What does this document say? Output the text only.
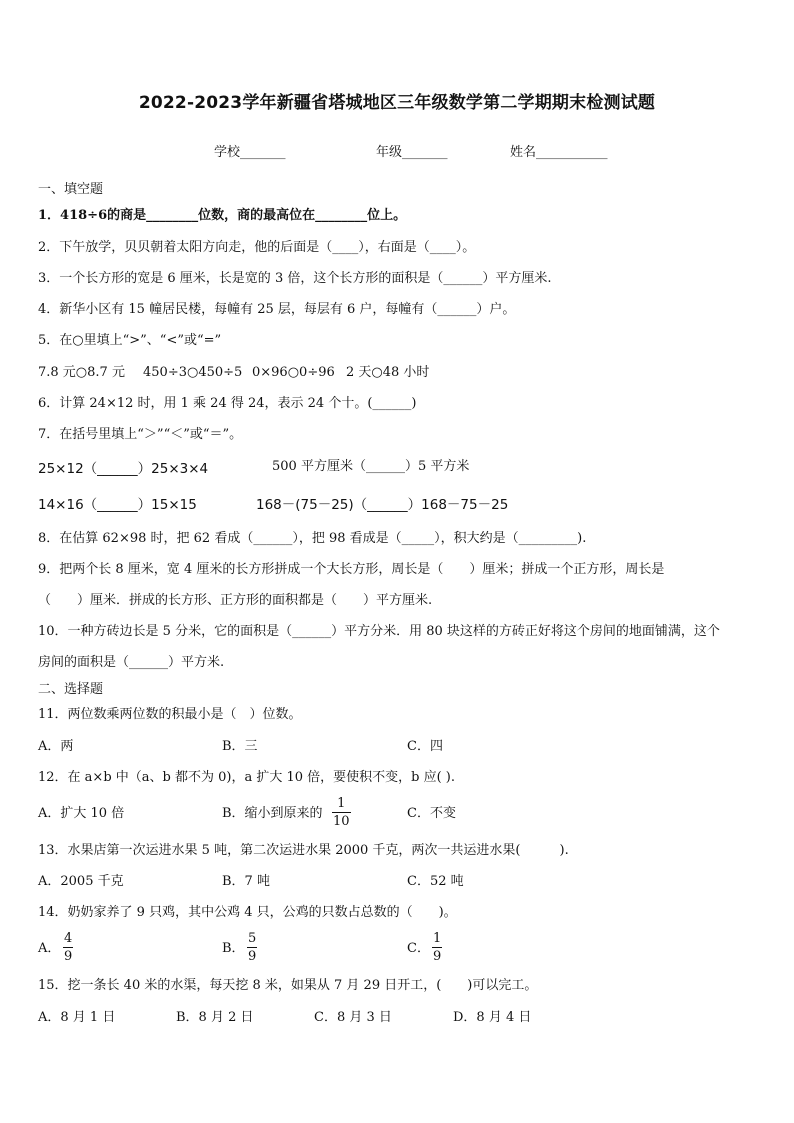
2022-2023学年新疆省塔城地区三年级数学第二学期期末检测试题
学校_______	年级_______	姓名___________
一、填空题
1．418÷6的商是________位数，商的最高位在________位上。
2．下午放学，贝贝朝着太阳方向走，他的后面是（____），右面是（____）。
3．一个长方形的宽是 6 厘米，长是宽的 3 倍，这个长方形的面积是（______）平方厘米.
4．新华小区有 15 幢居民楼，每幢有 25 层，每层有 6 户，每幢有（______）户。
5．在○里填上“>”、“<”或“=”
7.8 元○8.7 元 450÷3○450÷5 0×96○0÷96 2 天○48 小时
6．计算 24×12 时，用 1 乘 24 得 24，表示 24 个十。(______)
7．在括号里填上“＞”“＜”或“＝”。
25×12（______）25×3×4	500 平方厘米（______）5 平方米
14×16（______）15×15	168－(75－25)（______）168－75－25
8．在估算 62×98 时，把 62 看成（______），把 98 看成是（_____），积大约是（_________).
9．把两个长 8 厘米，宽 4 厘米的长方形拼成一个大长方形，周长是（　　）厘米；拼成一个正方形，周长是
（　　）厘米．拼成的长方形、正方形的面积都是（　　）平方厘米.
10．一种方砖边长是 5 分米，它的面积是（______）平方分米．用 80 块这样的方砖正好将这个房间的地面铺满，这个
房间的面积是（______）平方米.
二、选择题
11．两位数乘两位数的积最小是（　）位数。
A．两	B．三	C．四
12．在 a×b 中（a、b 都不为 0)，a 扩大 10 倍，要使积不变，b 应( ).
A．扩大 10 倍	B．缩小到原来的
1
10
C．不变
13．水果店第一次运进水果 5 吨，第二次运进水果 2000 千克，两次一共运进水果(　　　).
A．2005 千克	B．7 吨	C．52 吨
14．奶奶家养了 9 只鸡，其中公鸡 4 只，公鸡的只数占总数的（　　)。
A．
4
9
B．
5
9
C．
1
9
15．挖一条长 40 米的水渠，每天挖 8 米，如果从 7 月 29 日开工，(　　)可以完工。
A．8 月 1 日	B．8 月 2 日	C．8 月 3 日	D．8 月 4 日
